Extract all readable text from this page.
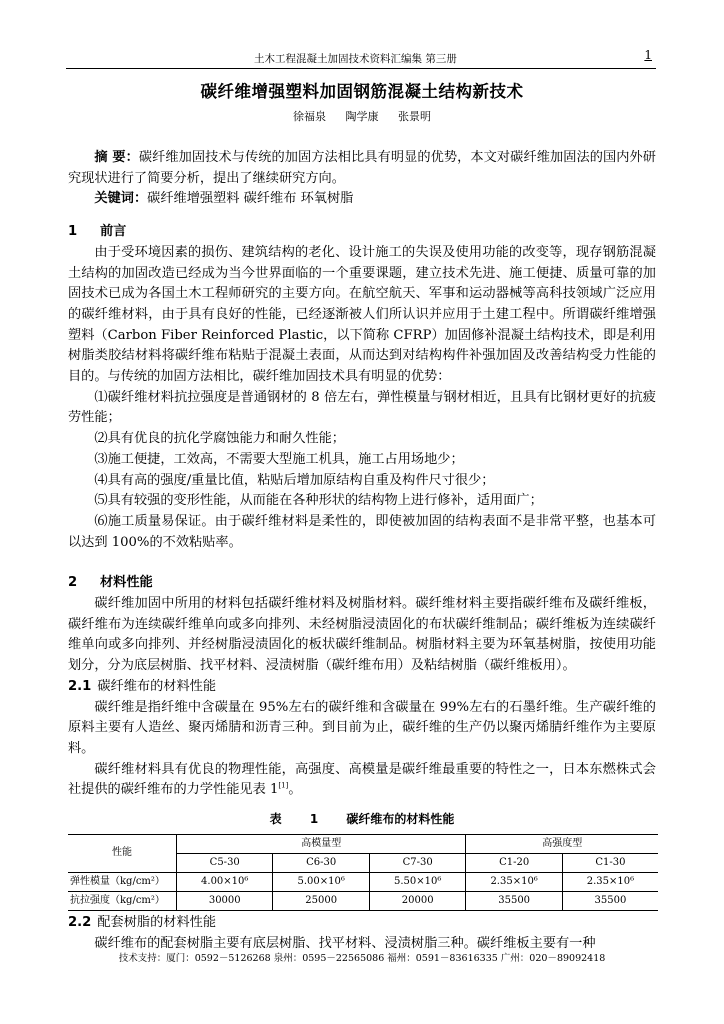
土木工程混凝土加固技术资料汇编集 第三册	1
碳纤维增强塑料加固钢筋混凝土结构新技术
徐福泉 陶学康 张景明

摘 要：碳纤维加固技术与传统的加固方法相比具有明显的优势，本文对碳纤维加固法的国内外研究现状进行了简要分析，提出了继续研究方向。

关键词：碳纤维增强塑料 碳纤维布 环氧树脂

1 前言

由于受环境因素的损伤、建筑结构的老化、设计施工的失误及使用功能的改变等，现存钢筋混凝土结构的加固改造已经成为当今世界面临的一个重要课题，建立技术先进、施工便捷、质量可靠的加固技术已成为各国土木工程师研究的主要方向。在航空航天、军事和运动器械等高科技领域广泛应用的碳纤维材料，由于具有良好的性能，已经逐渐被人们所认识并应用于土建工程中。所谓碳纤维增强塑料（Carbon Fiber Reinforced Plastic，以下简称 CFRP）加固修补混凝土结构技术，即是利用树脂类胶结材料将碳纤维布粘贴于混凝土表面，从而达到对结构构件补强加固及改善结构受力性能的目的。与传统的加固方法相比，碳纤维加固技术具有明显的优势：

⑴碳纤维材料抗拉强度是普通钢材的 8 倍左右，弹性模量与钢材相近，且具有比钢材更好的抗疲劳性能；

⑵具有优良的抗化学腐蚀能力和耐久性能；

⑶施工便捷，工效高，不需要大型施工机具，施工占用场地少；

⑷具有高的强度/重量比值，粘贴后增加原结构自重及构件尺寸很少；

⑸具有较强的变形性能，从而能在各种形状的结构物上进行修补，适用面广；

⑹施工质量易保证。由于碳纤维材料是柔性的，即使被加固的结构表面不是非常平整，也基本可以达到 100%的不效粘贴率。

2 材料性能

碳纤维加固中所用的材料包括碳纤维材料及树脂材料。碳纤维材料主要指碳纤维布及碳纤维板，碳纤维布为连续碳纤维单向或多向排列、未经树脂浸渍固化的布状碳纤维制品；碳纤维板为连续碳纤维单向或多向排列、并经树脂浸渍固化的板状碳纤维制品。树脂材料主要为环氧基树脂，按使用功能划分，分为底层树脂、找平材料、浸渍树脂（碳纤维布用）及粘结树脂（碳纤维板用）。

2.1 碳纤维布的材料性能

碳纤维是指纤维中含碳量在 95%左右的碳纤维和含碳量在 99%左右的石墨纤维。生产碳纤维的原料主要有人造丝、聚丙烯腈和沥青三种。到目前为止，碳纤维的生产仍以聚丙烯腈纤维作为主要原料。

碳纤维材料具有优良的物理性能，高强度、高模量是碳纤维最重要的特性之一，日本东燃株式会社提供的碳纤维布的力学性能见表 1[1]。

表 1 碳纤维布的材料性能
性能	高模量型			高强度型	
	C5-30	C6-30	C7-30	C1-20	C1-30
弹性模量（kg/cm²）	4.00×10⁶	5.00×10⁶	5.50×10⁶	2.35×10⁶	2.35×10⁶
抗拉强度（kg/cm²）	30000	25000	20000	35500	35500

2.2 配套树脂的材料性能

碳纤维布的配套树脂主要有底层树脂、找平材料、浸渍树脂三种。碳纤维板主要有一种

技术支持：厦门：0592－5126268 泉州：0595－22565086 福州：0591－83616335 广州：020－89092418
